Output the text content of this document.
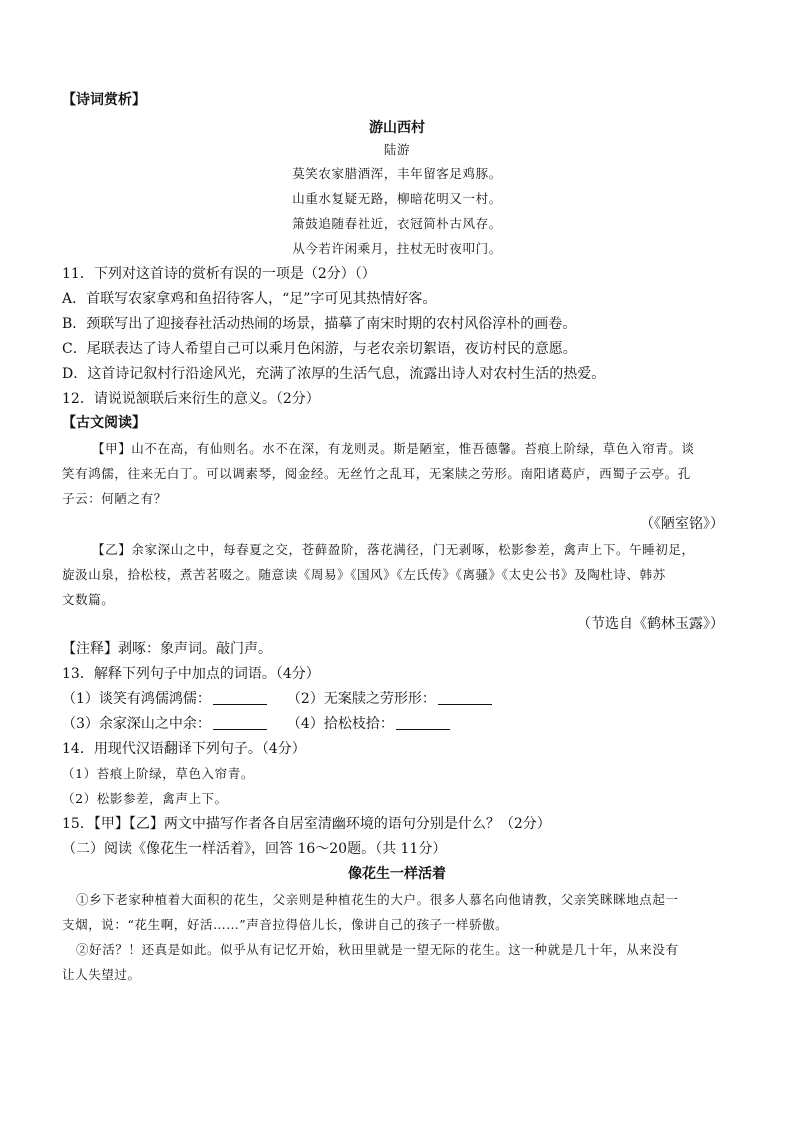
【诗词赏析】
游山西村
陆游
莫笑农家腊酒浑，丰年留客足鸡豚。
山重水复疑无路，柳暗花明又一村。
箫鼓追随春社近，衣冠简朴古风存。
从今若许闲乘月，拄杖无时夜叩门。
11．下列对这首诗的赏析有误的一项是（2分）（）
A．首联写农家拿鸡和鱼招待客人，“足”字可见其热情好客。
B．颈联写出了迎接春社活动热闹的场景，描摹了南宋时期的农村风俗淳朴的画卷。
C．尾联表达了诗人希望自己可以乘月色闲游，与老农亲切絮语，夜访村民的意愿。
D．这首诗记叙村行沿途风光，充满了浓厚的生活气息，流露出诗人对农村生活的热爱。
12．请说说颔联后来衍生的意义。（2分）
【古文阅读】
【甲】山不在高，有仙则名。水不在深，有龙则灵。斯是陋室，惟吾德馨。苔痕上阶绿，草色入帘青。谈
笑有鸿儒，往来无白丁。可以调素琴，阅金经。无丝竹之乱耳，无案牍之劳形。南阳诸葛庐，西蜀子云亭。孔
子云：何陋之有？
（《陋室铭》）
【乙】余家深山之中，每春夏之交，苍藓盈阶，落花满径，门无剥啄，松影参差，禽声上下。午睡初足，
旋汲山泉，拾松枝，煮苦茗啜之。随意读《周易》《国风》《左氏传》《离骚》《太史公书》及陶杜诗、韩苏
文数篇。
（节选自《鹤林玉露》）
【注释】剥啄：象声词。敲门声。
13．解释下列句子中加点的词语。（4分）
（1）谈笑有鸿儒鸿儒：	（2）无案牍之劳形形：
（3）余家深山之中余：	（4）拾松枝拾：
14．用现代汉语翻译下列句子。（4分）
（1）苔痕上阶绿，草色入帘青。
（2）松影参差，禽声上下。
15．【甲】【乙】两文中描写作者各自居室清幽环境的语句分别是什么？（2分）
（二）阅读《像花生一样活着》，回答 16～20题。（共 11分）
像花生一样活着
①乡下老家种植着大面积的花生，父亲则是种植花生的大户。很多人慕名向他请教，父亲笑眯眯地点起一
支烟，说：“花生啊，好活……”声音拉得倍儿长，像讲自己的孩子一样骄傲。
②好活？！还真是如此。似乎从有记忆开始，秋田里就是一望无际的花生。这一种就是几十年，从来没有
让人失望过。
